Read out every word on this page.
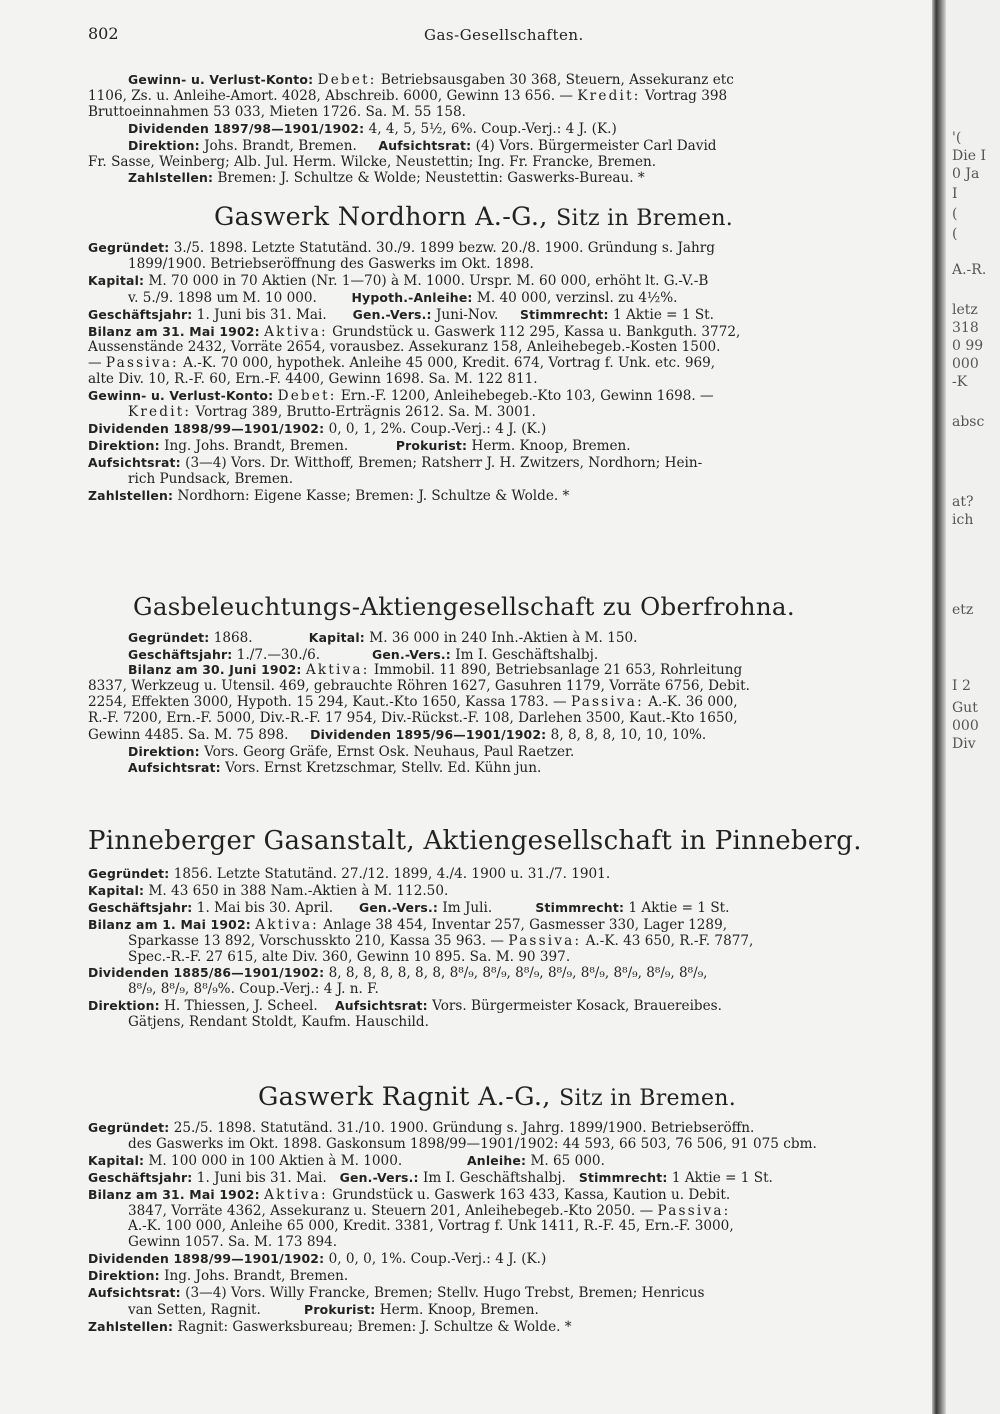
802	Gas-Gesellschaften.

Gewinn- u. Verlust-Konto: Debet: Betriebsausgaben 30 368, Steuern, Assekuranz etc

1106, Zs. u. Anleihe-Amort. 4028, Abschreib. 6000, Gewinn 13 656. — Kredit: Vortrag 398

Bruttoeinnahmen 53 033, Mieten 1726. Sa. M. 55 158.

Dividenden 1897/98—1901/1902: 4, 4, 5, 5½, 6%. Coup.-Verj.: 4 J. (K.)

Direktion: Johs. Brandt, Bremen. Aufsichtsrat: (4) Vors. Bürgermeister Carl David

Fr. Sasse, Weinberg; Alb. Jul. Herm. Wilcke, Neustettin; Ing. Fr. Francke, Bremen.

Zahlstellen: Bremen: J. Schultze & Wolde; Neustettin: Gaswerks-Bureau. *

Gaswerk Nordhorn A.-G., Sitz in Bremen.

Gegründet: 3./5. 1898. Letzte Statutänd. 30./9. 1899 bezw. 20./8. 1900. Gründung s. Jahrg

1899/1900. Betriebseröffnung des Gaswerks im Okt. 1898.

Kapital: M. 70 000 in 70 Aktien (Nr. 1—70) à M. 1000. Urspr. M. 60 000, erhöht lt. G.-V.-B

v. 5./9. 1898 um M. 10 000.	Hypoth.-Anleihe: M. 40 000, verzinsl. zu 4½%.

Geschäftsjahr: 1. Juni bis 31. Mai. Gen.-Vers.: Juni-Nov. Stimmrecht: 1 Aktie = 1 St.

Bilanz am 31. Mai 1902: Aktiva: Grundstück u. Gaswerk 112 295, Kassa u. Bankguth. 3772,

Aussenstände 2432, Vorräte 2654, vorausbez. Assekuranz 158, Anleihebegeb.-Kosten 1500.

— Passiva: A.-K. 70 000, hypothek. Anleihe 45 000, Kredit. 674, Vortrag f. Unk. etc. 969,

alte Div. 10, R.-F. 60, Ern.-F. 4400, Gewinn 1698. Sa. M. 122 811.

Gewinn- u. Verlust-Konto: Debet: Ern.-F. 1200, Anleihebegeb.-Kto 103, Gewinn 1698. —

Kredit: Vortrag 389, Brutto-Erträgnis 2612. Sa. M. 3001.

Dividenden 1898/99—1901/1902: 0, 0, 1, 2%. Coup.-Verj.: 4 J. (K.)

Direktion: Ing. Johs. Brandt, Bremen.	Prokurist: Herm. Knoop, Bremen.

Aufsichtsrat: (3—4) Vors. Dr. Witthoff, Bremen; Ratsherr J. H. Zwitzers, Nordhorn; Hein-

rich Pundsack, Bremen.

Zahlstellen: Nordhorn: Eigene Kasse; Bremen: J. Schultze & Wolde. *

Gasbeleuchtungs-Aktiengesellschaft zu Oberfrohna.

Gegründet: 1868.	Kapital: M. 36 000 in 240 Inh.-Aktien à M. 150.

Geschäftsjahr: 1./7.—30./6.	Gen.-Vers.: Im I. Geschäftshalbj.

Bilanz am 30. Juni 1902: Aktiva: Immobil. 11 890, Betriebsanlage 21 653, Rohrleitung

8337, Werkzeug u. Utensil. 469, gebrauchte Röhren 1627, Gasuhren 1179, Vorräte 6756, Debit.

2254, Effekten 3000, Hypoth. 15 294, Kaut.-Kto 1650, Kassa 1783. — Passiva: A.-K. 36 000,

R.-F. 7200, Ern.-F. 5000, Div.-R.-F. 17 954, Div.-Rückst.-F. 108, Darlehen 3500, Kaut.-Kto 1650,

Gewinn 4485. Sa. M. 75 898. Dividenden 1895/96—1901/1902: 8, 8, 8, 8, 10, 10, 10%.

Direktion: Vors. Georg Gräfe, Ernst Osk. Neuhaus, Paul Raetzer.

Aufsichtsrat: Vors. Ernst Kretzschmar, Stellv. Ed. Kühn jun.

Pinneberger Gasanstalt, Aktiengesellschaft in Pinneberg.

Gegründet: 1856. Letzte Statutänd. 27./12. 1899, 4./4. 1900 u. 31./7. 1901.

Kapital: M. 43 650 in 388 Nam.-Aktien à M. 112.50.

Geschäftsjahr: 1. Mai bis 30. April. Gen.-Vers.: Im Juli.	Stimmrecht: 1 Aktie = 1 St.

Bilanz am 1. Mai 1902: Aktiva: Anlage 38 454, Inventar 257, Gasmesser 330, Lager 1289,

Sparkasse 13 892, Vorschusskto 210, Kassa 35 963. — Passiva: A.-K. 43 650, R.-F. 7877,

Spec.-R.-F. 27 615, alte Div. 360, Gewinn 10 895. Sa. M. 90 397.

Dividenden 1885/86—1901/1902: 8, 8, 8, 8, 8, 8, 8, 8⁸/₉, 8⁸/₉, 8⁸/₉, 8⁸/₉, 8⁸/₉, 8⁸/₉, 8⁸/₉, 8⁸/₉,

8⁸/₉, 8⁸/₉, 8⁸/₉%. Coup.-Verj.: 4 J. n. F.

Direktion: H. Thiessen, J. Scheel. Aufsichtsrat: Vors. Bürgermeister Kosack, Brauereibes.

Gätjens, Rendant Stoldt, Kaufm. Hauschild.

Gaswerk Ragnit A.-G., Sitz in Bremen.

Gegründet: 25./5. 1898. Statutänd. 31./10. 1900. Gründung s. Jahrg. 1899/1900. Betriebseröffn.

des Gaswerks im Okt. 1898. Gaskonsum 1898/99—1901/1902: 44 593, 66 503, 76 506, 91 075 cbm.

Kapital: M. 100 000 in 100 Aktien à M. 1000.	Anleihe: M. 65 000.

Geschäftsjahr: 1. Juni bis 31. Mai. Gen.-Vers.: Im I. Geschäftshalbj. Stimmrecht: 1 Aktie = 1 St.

Bilanz am 31. Mai 1902: Aktiva: Grundstück u. Gaswerk 163 433, Kassa, Kaution u. Debit.

3847, Vorräte 4362, Assekuranz u. Steuern 201, Anleihebegeb.-Kto 2050. — Passiva:

A.-K. 100 000, Anleihe 65 000, Kredit. 3381, Vortrag f. Unk 1411, R.-F. 45, Ern.-F. 3000,

Gewinn 1057. Sa. M. 173 894.

Dividenden 1898/99—1901/1902: 0, 0, 0, 1%. Coup.-Verj.: 4 J. (K.)

Direktion: Ing. Johs. Brandt, Bremen.

Aufsichtsrat: (3—4) Vors. Willy Francke, Bremen; Stellv. Hugo Trebst, Bremen; Henricus

van Setten, Ragnit.	Prokurist: Herm. Knoop, Bremen.

Zahlstellen: Ragnit: Gaswerksbureau; Bremen: J. Schultze & Wolde. *

'(
Die I
0 Ja
I
(
(
A.-R.
letz
318
0 99
000
-K
absc
at?
ich
etz
I 2
Gut
000
Div
